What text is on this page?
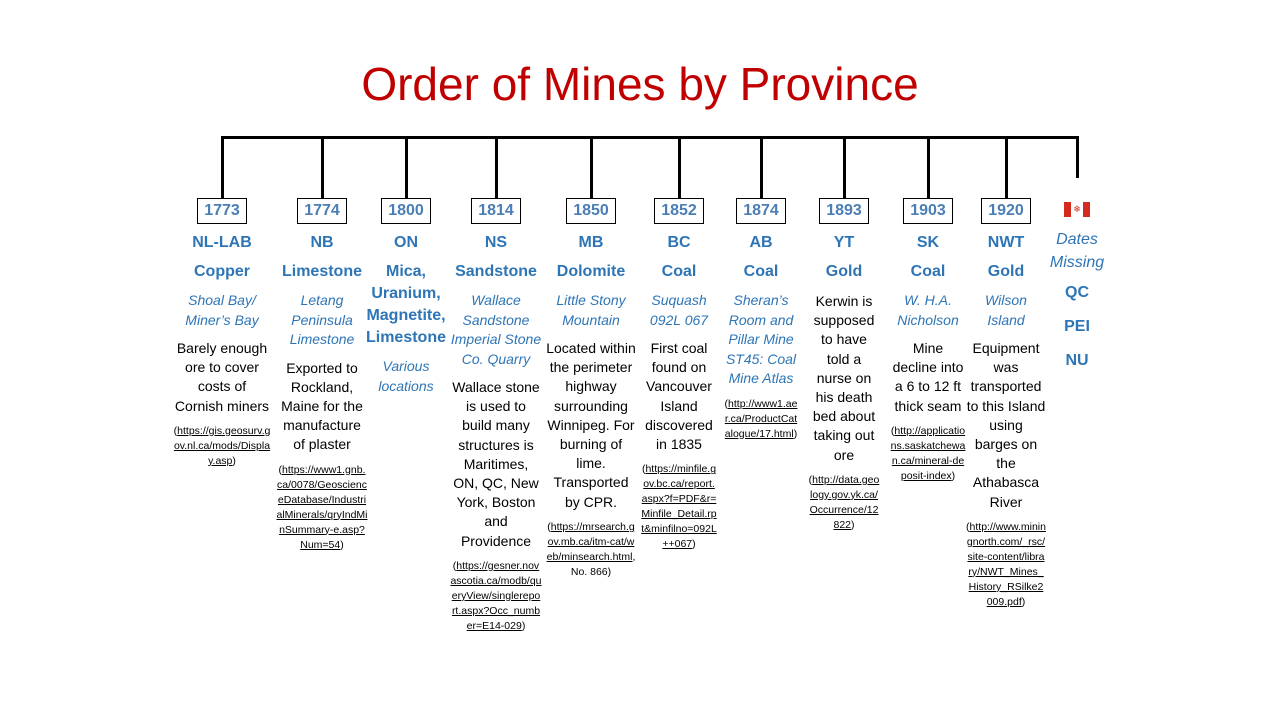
Order of Mines by Province
1773
NL-LAB
Copper
Shoal Bay/ Miner’s Bay
Barely enough ore to cover costs of Cornish miners
(https://gis.geosurv.gov.nl.ca/mods/Display.asp)
1774
NB
Limestone
Letang Peninsula Limestone
Exported to Rockland, Maine for the manufacture of plaster
(https://www1.gnb.ca/0078/GeoscienceDatabase/IndustrialMinerals/qryIndMinSummary-e.asp?Num=54)
1800
ON
Mica, Uranium, Magnetite, Limestone
Various locations
1814
NS
Sandstone
Wallace Sandstone Imperial Stone Co. Quarry
Wallace stone is used to build many structures is Maritimes, ON, QC, New York, Boston and Providence
(https://gesner.novascotia.ca/modb/queryView/singlereport.aspx?Occ_number=E14-029)
1850
MB
Dolomite
Little Stony Mountain
Located within the perimeter highway surrounding Winnipeg. For burning of lime. Transported by CPR.
(https://mrsearch.gov.mb.ca/itm-cat/web/minsearch.html, No. 866)
1852
BC
Coal
Suquash 092L 067
First coal found on Vancouver Island discovered in 1835
(https://minfile.gov.bc.ca/report.aspx?f=PDF&r=Minfile_Detail.rpt&minfilno=092L++067)
1874
AB
Coal
Sheran’s Room and Pillar Mine ST45: Coal Mine Atlas
(http://www1.aer.ca/ProductCatalogue/17.html)
1893
YT
Gold
Kerwin is supposed to have told a nurse on his death bed about taking out ore
(http://data.geology.gov.yk.ca/Occurrence/12822)
1903
SK
Coal
W. H.A. Nicholson
Mine decline into a 6 to 12 ft thick seam
(http://applications.saskatchewan.ca/mineral-deposit-index)
1920
NWT
Gold
Wilson Island
Equipment was transported to this Island using barges on the Athabasca River
(http://www.miningnorth.com/_rsc/site-content/library/NWT_Mines_History_RSilke2009.pdf)
❄
Dates Missing
QC
PEI
NU
